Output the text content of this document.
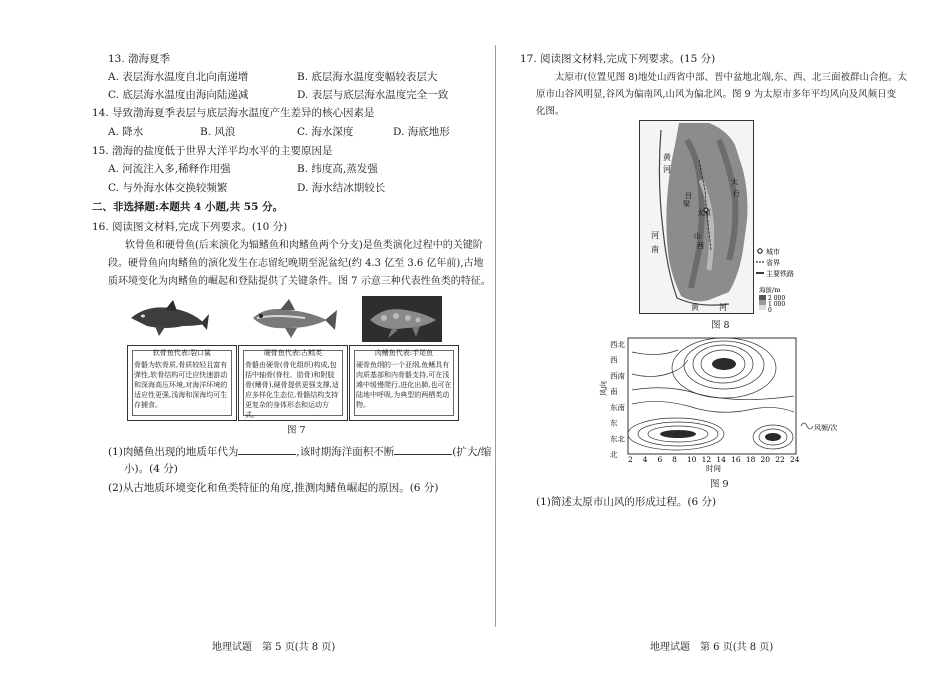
13. 渤海夏季
A. 表层海水温度自北向南递增	B. 底层海水温度变幅较表层大
C. 底层海水温度由海向陆递减	D. 表层与底层海水温度完全一致
14. 导致渤海夏季表层与底层海水温度产生差异的核心因素是
A. 降水	B. 风浪	C. 海水深度	D. 海底地形
15. 渤海的盐度低于世界大洋平均水平的主要原因是
A. 河流注入多,稀释作用强	B. 纬度高,蒸发强
C. 与外海水体交换较频繁	D. 海水结冰期较长
二、非选择题:本题共 4 小题,共 55 分。
16. 阅读图文材料,完成下列要求。(10 分)
软骨鱼和硬骨鱼(后来演化为辐鳍鱼和肉鳍鱼两个分支)是鱼类演化过程中的关键阶
段。硬骨鱼向肉鳍鱼的演化发生在志留纪晚期至泥盆纪(约 4.3 亿至 3.6 亿年前),古地
质环境变化为肉鳍鱼的崛起和登陆提供了关键条件。图 7 示意三种代表性鱼类的特征。
软骨鱼代表:裂口鲨
骨骼为软骨质,骨质较轻且富有弹性,软骨结构可迁应快速游动和深海高压环境,对海洋环境的适应性更强,浅海和深海均可生存捕食。
硬骨鱼代表:古鳕类
骨骼由硬骨(骨化组织)构成,包括中轴骨(脊柱、肋骨)和附肢骨(鳍骨),硬骨提供更强支撑,适应多样化生态位,骨骼结构支持更复杂的身体形态和运动方式。
肉鳍鱼代表:手尾鱼
硬骨鱼纲的一个亚纲,鱼鳍具有肉质基部和内骨骼支持,可在浅滩中缓慢爬行,进化出肺,也可在陆地中呼吸,为典型的两栖类动物。
图 7
(1)肉鳍鱼出现的地质年代为	,该时期海洋面积不断	(扩大/缩
小)。(4 分)
(2)从古地质环境变化和鱼类特征的角度,推测肉鳍鱼崛起的原因。(6 分)
地理试题　第 5 页(共 8 页)
17. 阅读图文材料,完成下列要求。(15 分)
太原市(位置见图 8)地处山西省中部、晋中盆地北端,东、西、北三面被群山合抱。太
原市山谷风明显,谷风为偏南风,山风为偏北风。图 9 为太原市多年平均风向及风频日变
化图。
黄
河
太原
山
西
吕
梁
太
行
河
南
黄	河
城市
省界
主要铁路
海拔/m
2 000
1 000
0
图 8
风向
西北
西
西南
南
东南
东
东北
北
2 4 6 8 10 12 14 16 18 20 22 24
时间
风频/次
图 9
(1)简述太原市山风的形成过程。(6 分)
地理试题　第 6 页(共 8 页)
